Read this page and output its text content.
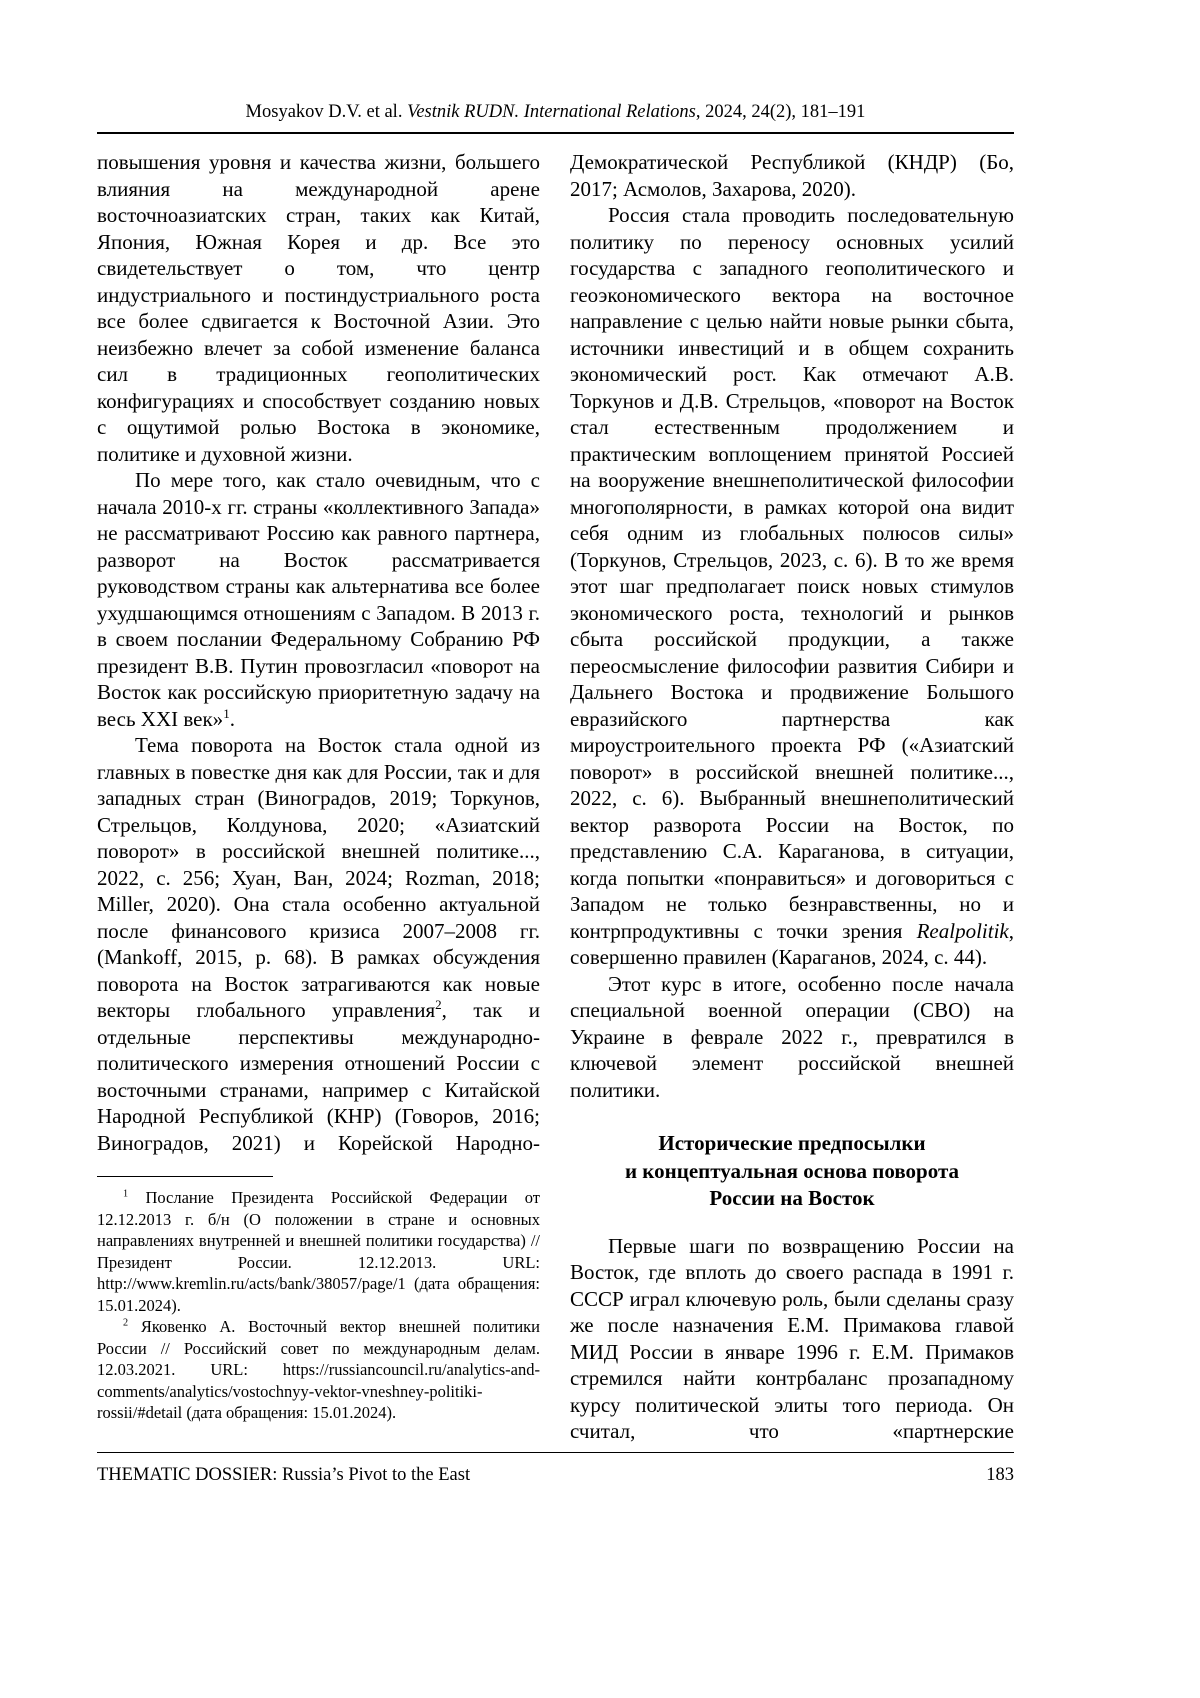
Mosyakov D.V. et al. Vestnik RUDN. International Relations, 2024, 24(2), 181–191

повышения уровня и качества жизни, большего влияния на международной арене восточноазиатских стран, таких как Китай, Япония, Южная Корея и др. Все это свидетельствует о том, что центр индустриального и постиндустриального роста все более сдвигается к Восточной Азии. Это неизбежно влечет за собой изменение баланса сил в традиционных геополитических конфигурациях и способствует созданию новых с ощутимой ролью Востока в экономике, политике и духовной жизни.

По мере того, как стало очевидным, что с начала 2010-х гг. страны «коллективного Запада» не рассматривают Россию как равного партнера, разворот на Восток рассматривается руководством страны как альтернатива все более ухудшающимся отношениям с Западом. В 2013 г. в своем послании Федеральному Собранию РФ президент В.В. Путин провозгласил «поворот на Восток как российскую приоритетную задачу на весь XXI век»$^1$.

Тема поворота на Восток стала одной из главных в повестке дня как для России, так и для западных стран (Виноградов, 2019; Торкунов, Стрельцов, Колдунова, 2020; «Азиатский поворот» в российской внешней политике..., 2022, с. 256; Хуан, Ван, 2024; Rozman, 2018; Miller, 2020). Она стала особенно актуальной после финансового кризиса 2007–2008 гг. (Mankoff, 2015, p. 68). В рамках обсуждения поворота на Восток затрагиваются как новые векторы глобального управления$^2$, так и отдельные перспективы международно-политического измерения отношений России с восточными странами, например с Китайской Народной Республикой (КНР) (Говоров, 2016; Виноградов, 2021) и Корейской Народно-

$^1$ Послание Президента Российской Федерации от 12.12.2013 г. б/н (О положении в стране и основных направлениях внутренней и внешней политики государства) // Президент России. 12.12.2013. URL: http://www.kremlin.ru/acts/bank/38057/page/1 (дата обращения: 15.01.2024).

$^2$ Яковенко А. Восточный вектор внешней политики России // Российский совет по международным делам. 12.03.2021. URL: https://russiancouncil.ru/analytics-and-comments/analytics/vostochnyy-vektor-vneshney-politiki-rossii/#detail (дата обращения: 15.01.2024).

Демократической Республикой (КНДР) (Бо, 2017; Асмолов, Захарова, 2020).

Россия стала проводить последовательную политику по переносу основных усилий государства с западного геополитического и геоэкономического вектора на восточное направление с целью найти новые рынки сбыта, источники инвестиций и в общем сохранить экономический рост. Как отмечают А.В. Торкунов и Д.В. Стрельцов, «поворот на Восток стал естественным продолжением и практическим воплощением принятой Россией на вооружение внешнеполитической философии многополярности, в рамках которой она видит себя одним из глобальных полюсов силы» (Торкунов, Стрельцов, 2023, с. 6). В то же время этот шаг предполагает поиск новых стимулов экономического роста, технологий и рынков сбыта российской продукции, а также переосмысление философии развития Сибири и Дальнего Востока и продвижение Большого евразийского партнерства как мироустроительного проекта РФ («Азиатский поворот» в российской внешней политике..., 2022, с. 6). Выбранный внешнеполитический вектор разворота России на Восток, по представлению С.А. Караганова, в ситуации, когда попытки «понравиться» и договориться с Западом не только безнравственны, но и контрпродуктивны с точки зрения Realpolitik, совершенно правилен (Караганов, 2024, с. 44).

Этот курс в итоге, особенно после начала специальной военной операции (СВО) на Украине в феврале 2022 г., превратился в ключевой элемент российской внешней политики.

Исторические предпосылки
и концептуальная основа поворота
России на Восток

Первые шаги по возвращению России на Восток, где вплоть до своего распада в 1991 г. СССР играл ключевую роль, были сделаны сразу же после назначения Е.М. Примакова главой МИД России в январе 1996 г. Е.М. Примаков стремился найти контрбаланс прозападному курсу политической элиты того периода. Он считал, что «партнерские

THEMATIC DOSSIER: Russia’s Pivot to the East	183
